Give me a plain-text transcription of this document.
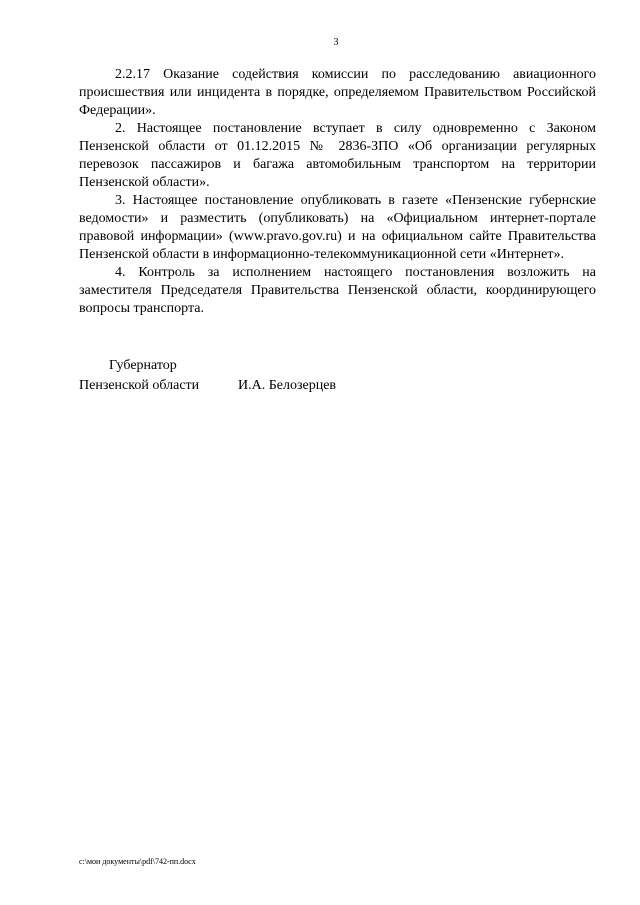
3

2.2.17 Оказание содействия комиссии по расследованию авиационного происшествия или инцидента в порядке, определяемом Правительством Российской Федерации».

2. Настоящее постановление вступает в силу одновременно с Законом Пензенской области от 01.12.2015 № 2836-ЗПО «Об организации регулярных перевозок пассажиров и багажа автомобильным транспортом на территории Пензенской области».

3. Настоящее постановление опубликовать в газете «Пензенские губернские ведомости» и разместить (опубликовать) на «Официальном интернет-портале правовой информации» (www.pravo.gov.ru) и на официальном сайте Правительства Пензенской области в информационно-телекоммуникационной сети «Интернет».

4. Контроль за исполнением настоящего постановления возложить на заместителя Председателя Правительства Пензенской области, координирующего вопросы транспорта.

Губернатор
Пензенской области	И.А. Белозерцев
c:\мои документы\pdf\742-пп.docx
